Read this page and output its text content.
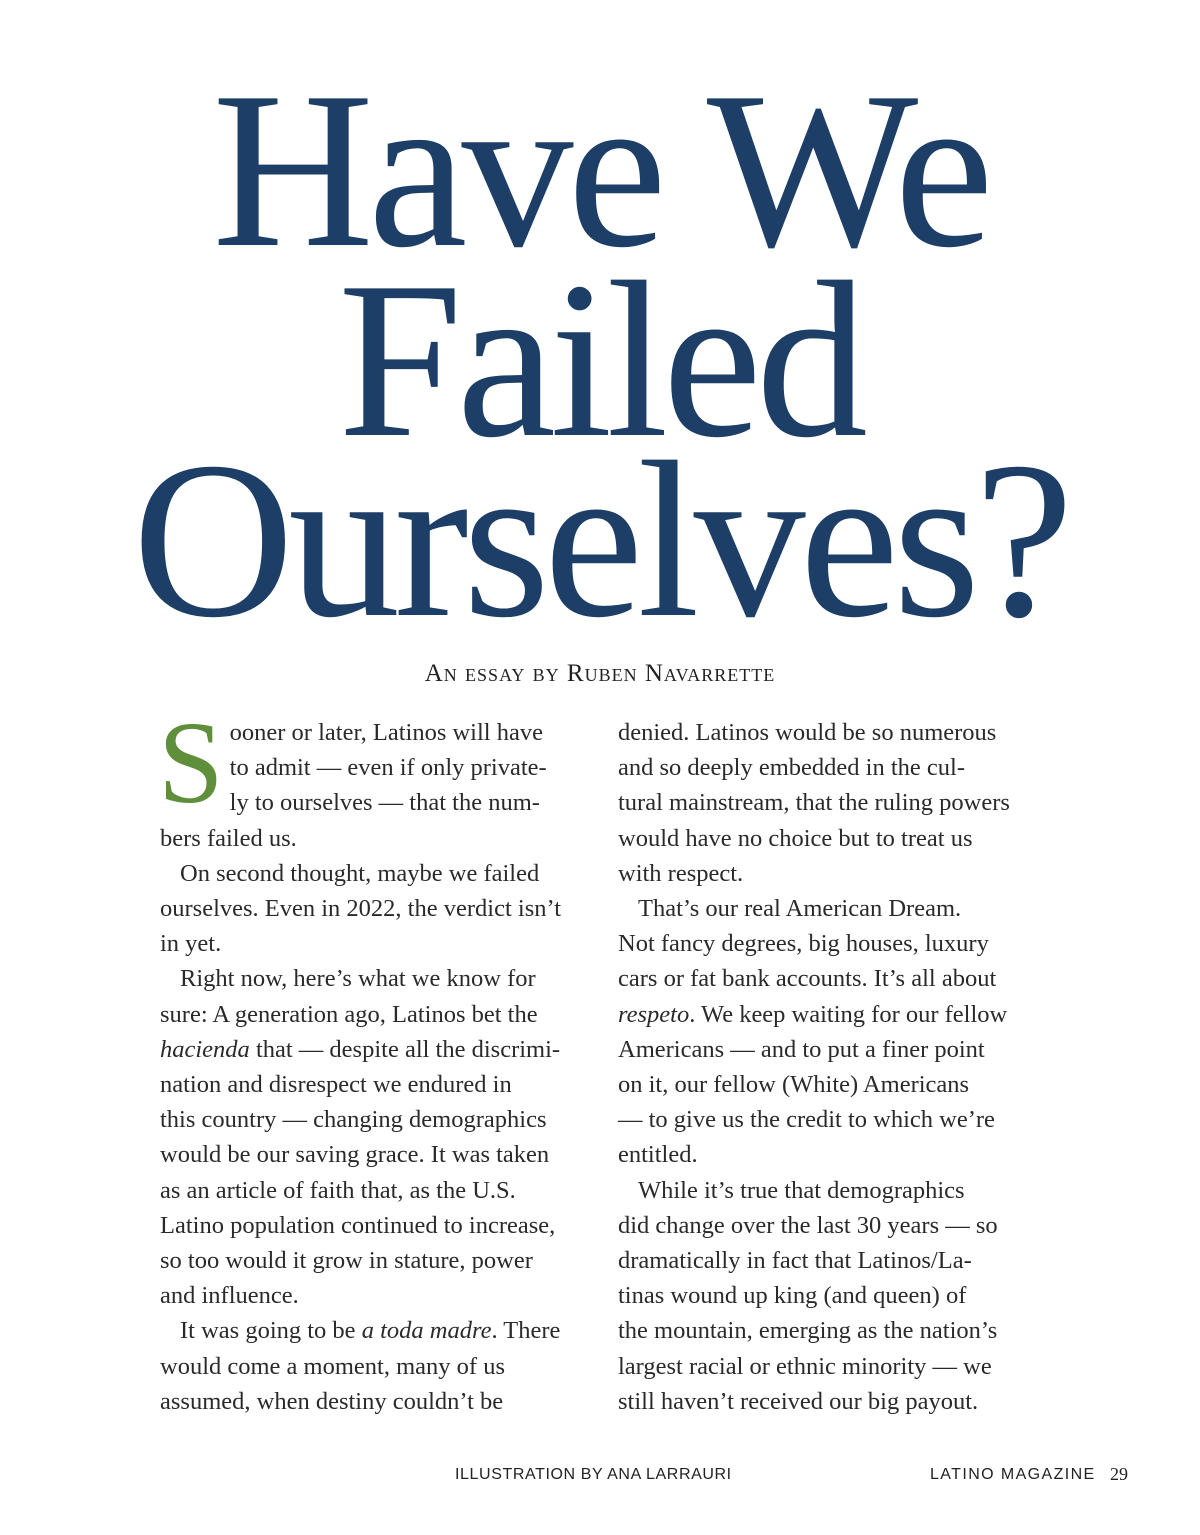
Have We
Failed
Ourselves?
An essay by Ruben Navarrette
S ooner or later, Latinos will have

to admit — even if only private-

ly to ourselves — that the num-

bers failed us.

On second thought, maybe we failed

ourselves. Even in 2022, the verdict isn’t

in yet.

Right now, here’s what we know for

sure: A generation ago, Latinos bet the

hacienda that — despite all the discrimi-

nation and disrespect we endured in

this country — changing demographics

would be our saving grace. It was taken

as an article of faith that, as the U.S.

Latino population continued to increase,

so too would it grow in stature, power

and influence.

It was going to be a toda madre. There

would come a moment, many of us

assumed, when destiny couldn’t be

denied. Latinos would be so numerous

and so deeply embedded in the cul-

tural mainstream, that the ruling powers

would have no choice but to treat us

with respect.

That’s our real American Dream.

Not fancy degrees, big houses, luxury

cars or fat bank accounts. It’s all about

respeto. We keep waiting for our fellow

Americans — and to put a finer point

on it, our fellow (White) Americans

— to give us the credit to which we’re

entitled.

While it’s true that demographics

did change over the last 30 years — so

dramatically in fact that Latinos/La-

tinas wound up king (and queen) of

the mountain, emerging as the nation’s

largest racial or ethnic minority — we

still haven’t received our big payout.

ILLUSTRATION BY ANA LARRAURI	LATINO MAGAZINE 29
